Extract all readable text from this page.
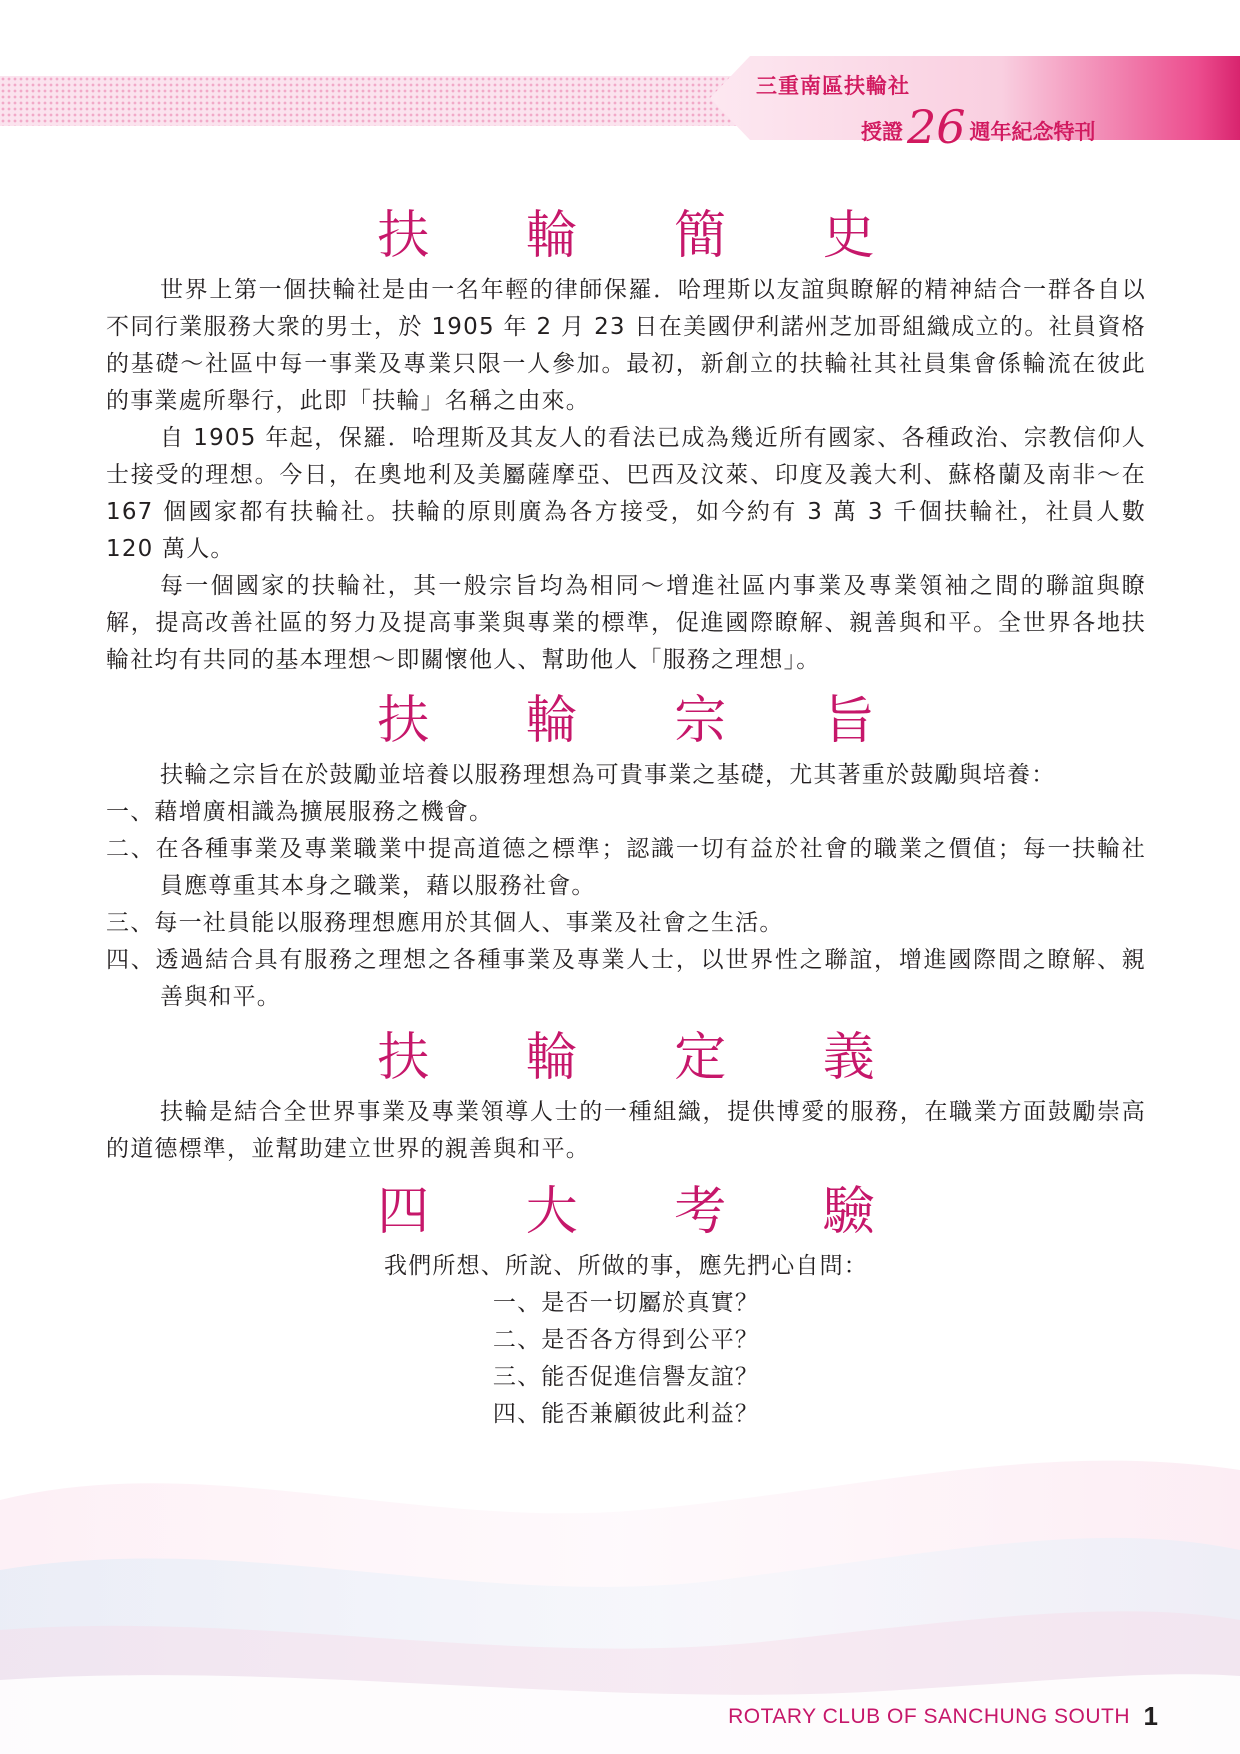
三重南區扶輪社
授證26 週年紀念特刊
扶 輪 簡 史

世界上第一個扶輪社是由一名年輕的律師保羅．哈理斯以友誼與瞭解的精神結合一群各自以不同行業服務大衆的男士，於 1905 年 2 月 23 日在美國伊利諾州芝加哥組織成立的。社員資格的基礎～社區中每一事業及專業只限一人參加。最初，新創立的扶輪社其社員集會係輪流在彼此的事業處所舉行，此即「扶輪」名稱之由來。

自 1905 年起，保羅．哈理斯及其友人的看法已成為幾近所有國家、各種政治、宗教信仰人士接受的理想。今日，在奧地利及美屬薩摩亞、巴西及汶萊、印度及義大利、蘇格蘭及南非～在 167 個國家都有扶輪社。扶輪的原則廣為各方接受，如今約有 3 萬 3 千個扶輪社，社員人數 120 萬人。

每一個國家的扶輪社，其一般宗旨均為相同～增進社區内事業及專業領袖之間的聯誼與瞭解，提高改善社區的努力及提高事業與專業的標準，促進國際瞭解、親善與和平。全世界各地扶輪社均有共同的基本理想～即關懷他人、幫助他人「服務之理想」。

扶 輪 宗 旨

扶輪之宗旨在於鼓勵並培養以服務理想為可貴事業之基礎，尤其著重於鼓勵與培養：

一、藉增廣相識為擴展服務之機會。
二、在各種事業及專業職業中提高道德之標準；認識一切有益於社會的職業之價值；每一扶輪社員應尊重其本身之職業，藉以服務社會。
三、每一社員能以服務理想應用於其個人、事業及社會之生活。
四、透過結合具有服務之理想之各種事業及專業人士，以世界性之聯誼，增進國際間之瞭解、親善與和平。
扶 輪 定 義

扶輪是結合全世界事業及專業領導人士的一種組織，提供博愛的服務，在職業方面鼓勵崇高的道德標準，並幫助建立世界的親善與和平。

四 大 考 驗
我們所想、所說、所做的事，應先捫心自問：
一、是否一切屬於真實？
二、是否各方得到公平？
三、能否促進信譽友誼？
四、能否兼顧彼此利益？
ROTARY CLUB OF SANCHUNG SOUTH 1
